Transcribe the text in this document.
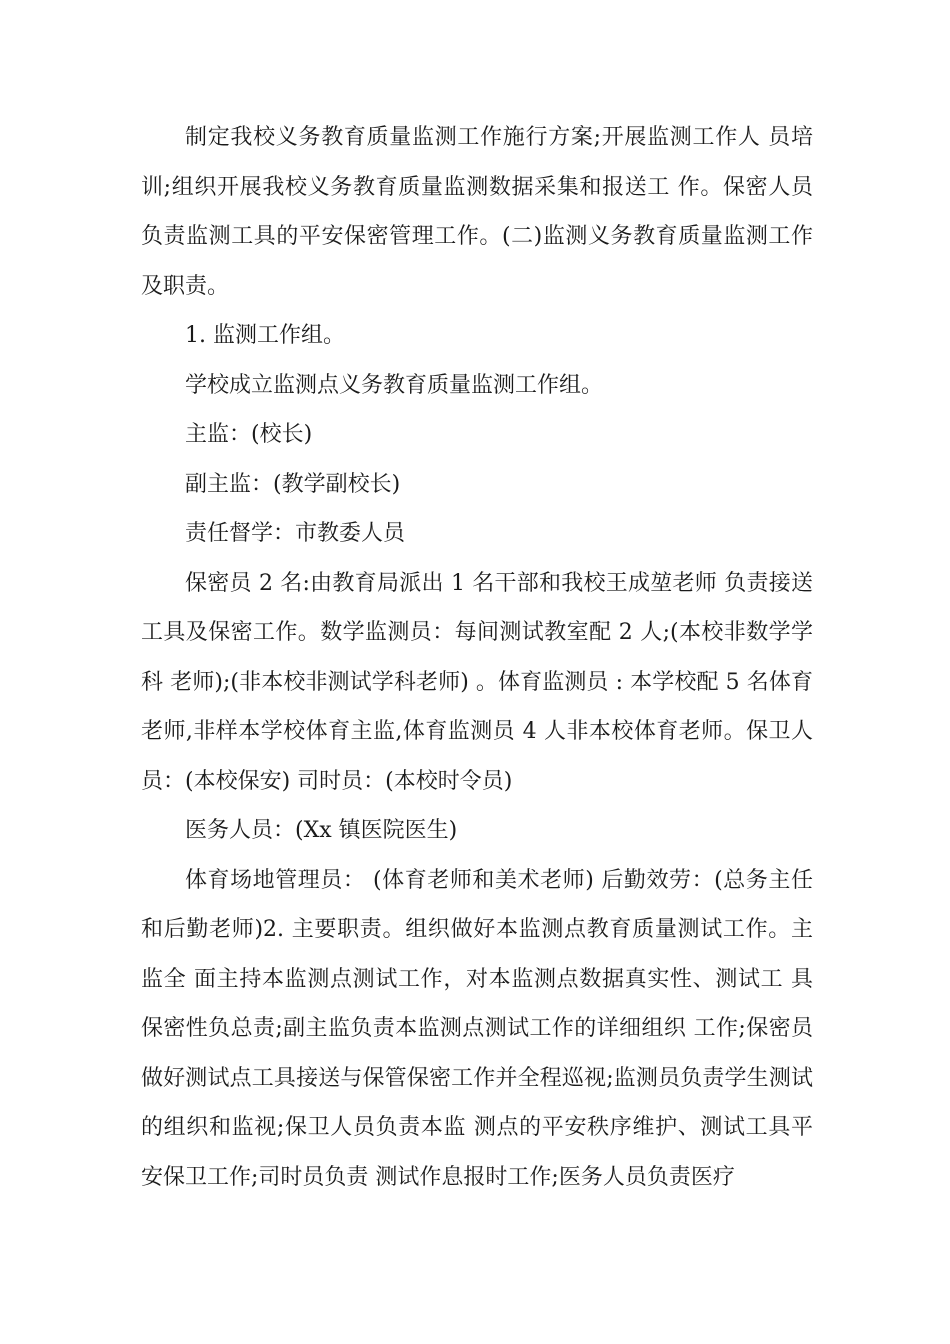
制定我校义务教育质量监测工作施行方案;开展监测工作人 员培训;组织开展我校义务教育质量监测数据采集和报送工 作。保密人员负责监测工具的平安保密管理工作。(二)监测义务教育质量监测工作及职责。

1. 监测工作组。

学校成立监测点义务教育质量监测工作组。

主监：(校长)

副主监：(教学副校长)

责任督学：市教委人员

保密员 2 名:由教育局派出 1 名干部和我校王成堃老师 负责接送工具及保密工作。数学监测员：每间测试教室配 2 人;(本校非数学学科 老师);(非本校非测试学科老师) 。体育监测员 : 本学校配 5 名体育老师,非样本学校体育主监,体育监测员 4 人非本校体育老师。保卫人员：(本校保安) 司时员：(本校时令员)

医务人员：(Xx 镇医院医生)

体育场地管理员： (体育老师和美术老师) 后勤效劳：(总务主任和后勤老师)2. 主要职责。组织做好本监测点教育质量测试工作。主监全 面主持本监测点测试工作，对本监测点数据真实性、测试工 具保密性负总责;副主监负责本监测点测试工作的详细组织 工作;保密员做好测试点工具接送与保管保密工作并全程巡视;监测员负责学生测试的组织和监视;保卫人员负责本监 测点的平安秩序维护、测试工具平安保卫工作;司时员负责 测试作息报时工作;医务人员负责医疗
